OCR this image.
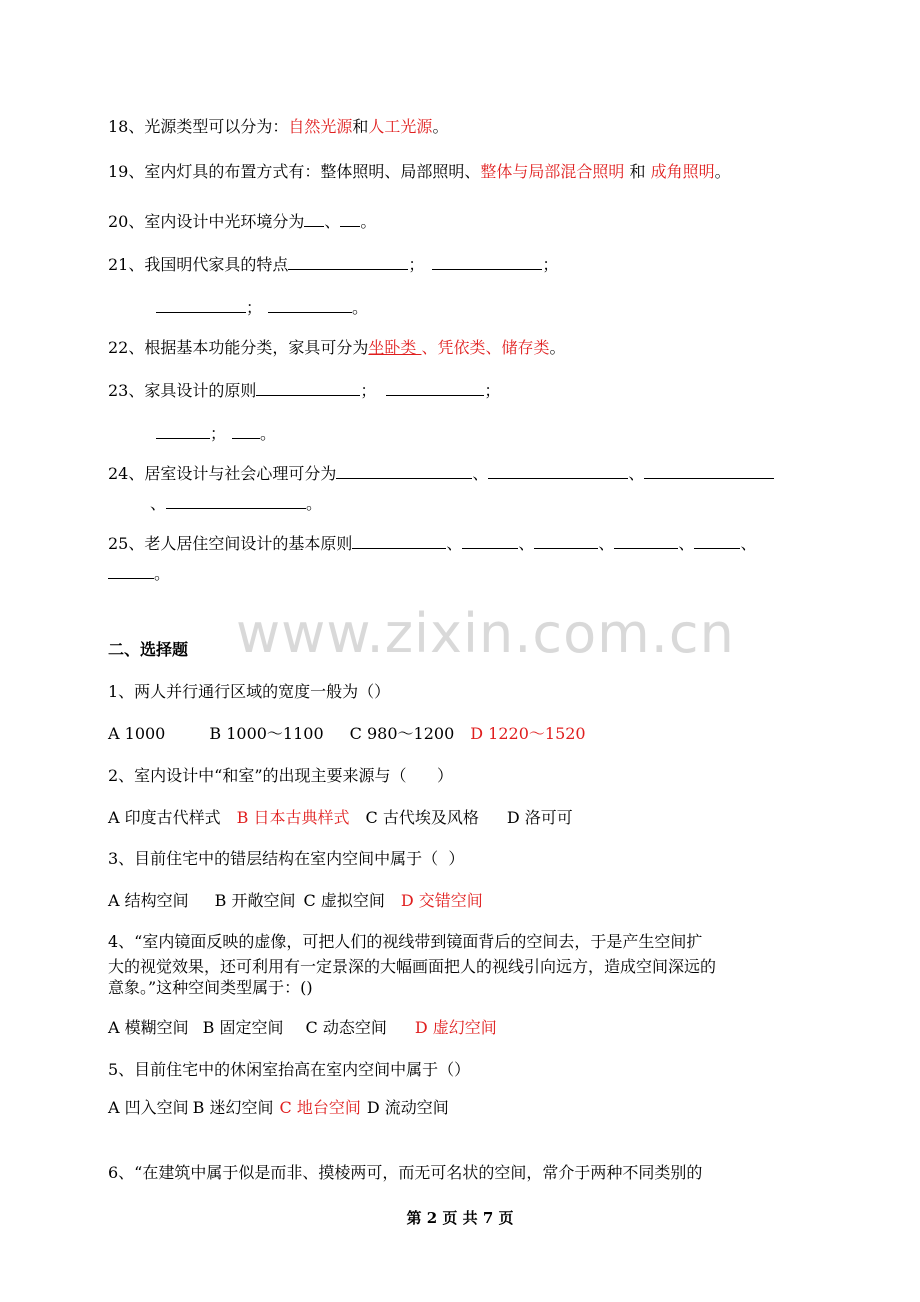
www.zixin.com.cn
18、光源类型可以分为：自然光源和人工光源。
19、室内灯具的布置方式有：整体照明、局部照明、整体与局部混合照明 和 成角照明。
20、室内设计中光环境分为 、 。
21、我国明代家具的特点	；	；
；	。
22、根据基本功能分类，家具可分为坐卧类 、凭依类、储存类。
23、家具设计的原则	；	；
； 。
24、居室设计与社会心理可分为	、	、
、	。
25、老人居住空间设计的基本原则	、	、	、	、	、
。
二、选择题
1、两人并行通行区域的宽度一般为（）
A 1000	B 1000～1100 C 980～1200 D 1220～1520
2、室内设计中“和室”的出现主要来源与（      ）
A 印度古代样式 B 日本古典样式 C 古代埃及风格 D 洛可可
3、目前住宅中的错层结构在室内空间中属于（  ）
A 结构空间 B 开敞空间 C 虚拟空间 D 交错空间
4、“室内镜面反映的虚像，可把人们的视线带到镜面背后的空间去，于是产生空间扩
大的视觉效果，还可利用有一定景深的大幅画面把人的视线引向远方，造成空间深远的
意象。”这种空间类型属于：()
A 模糊空间 B 固定空间 C 动态空间 D 虚幻空间
5、目前住宅中的休闲室抬高在室内空间中属于（）
A 凹入空间 B 迷幻空间 C 地台空间 D 流动空间
6、“在建筑中属于似是而非、摸棱两可，而无可名状的空间，常介于两种不同类别的
第 2 页 共 7 页
